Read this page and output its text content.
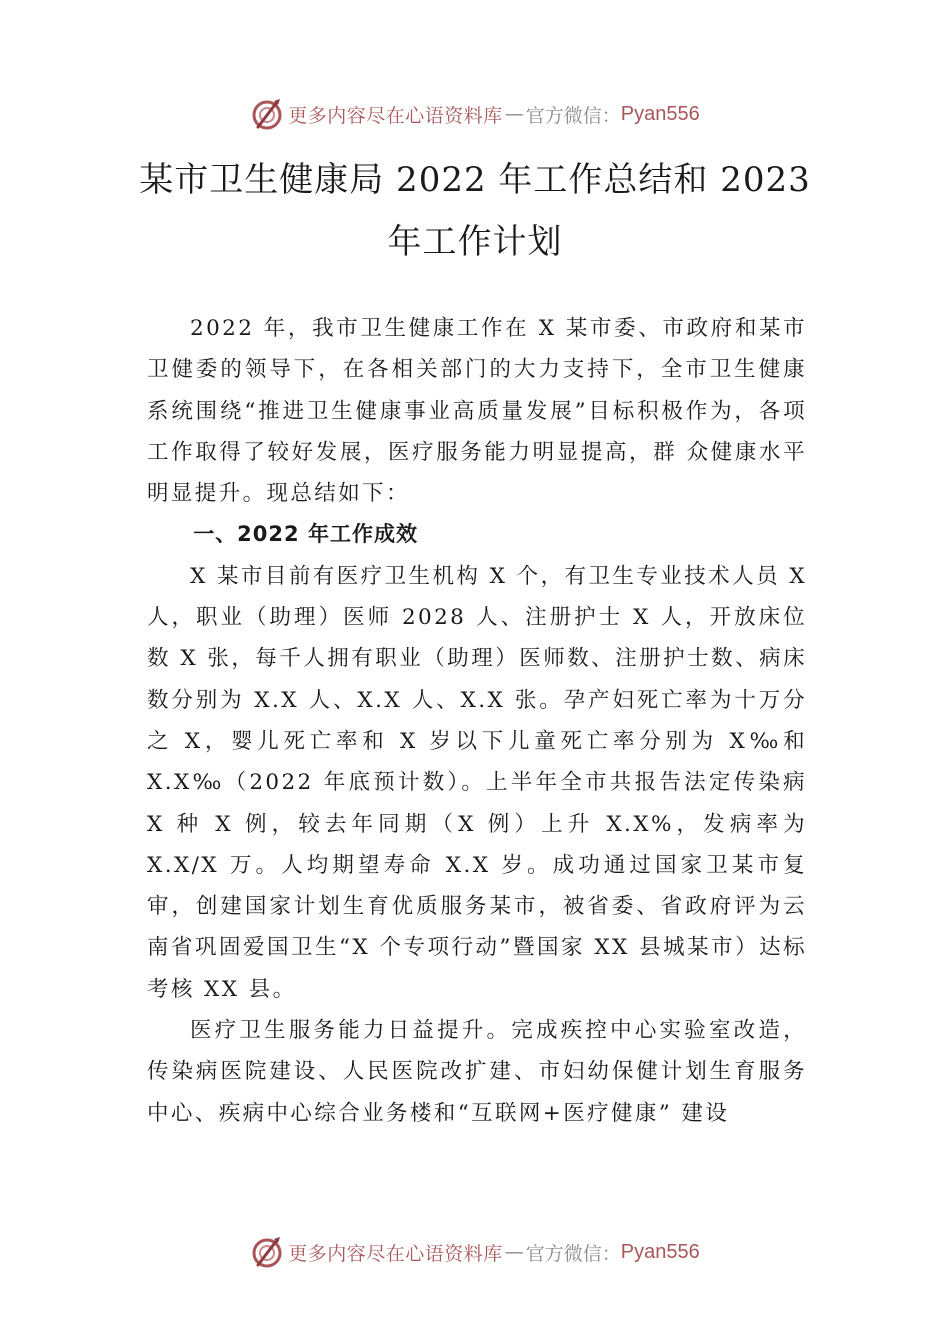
更多内容尽在心语资料库 — 官方微信： Pyan556
某市卫生健康局 2022 年工作总结和 2023
年工作计划

2022 年，我市卫生健康工作在 X 某市委、市政府和某市卫健委的领导下，在各相关部门的大力支持下，全市卫生健康系统围绕“推进卫生健康事业高质量发展”目标积极作为，各项工作取得了较好发展，医疗服务能力明显提高，群 众健康水平明显提升。现总结如下：

一、2022 年工作成效

X 某市目前有医疗卫生机构 X 个，有卫生专业技术人员 X 人，职业（助理）医师 2028 人、注册护士 X 人，开放床位数 X 张，每千人拥有职业（助理）医师数、注册护士数、病床数分别为 X.X 人、X.X 人、X.X 张。孕产妇死亡率为十万分之 X，婴儿死亡率和 X 岁以下儿童死亡率分别为 X‰和 X.X‰（2022 年底预计数）。上半年全市共报告法定传染病 X 种 X 例，较去年同期（X 例）上升 X.X%，发病率为 X.X/X 万。人均期望寿命 X.X 岁。成功通过国家卫某市复审，创建国家计划生育优质服务某市，被省委、省政府评为云南省巩固爱国卫生“X 个专项行动”暨国家 XX 县城某市）达标考核 XX 县。

医疗卫生服务能力日益提升。完成疾控中心实验室改造，传染病医院建设、人民医院改扩建、市妇幼保健计划生育服务中心、疾病中心综合业务楼和“互联网+医疗健康” 建设

更多内容尽在心语资料库 — 官方微信： Pyan556
